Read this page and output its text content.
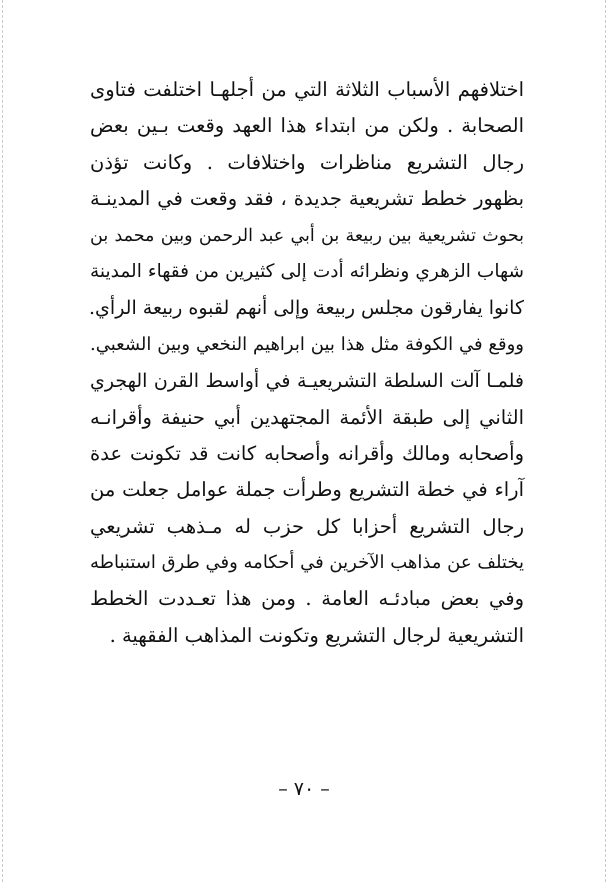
اختلافهم الأسباب الثلاثة التي من أجلهـا اختلفت فتاوى
الصحابة . ولكن من ابتداء هذا العهد وقعت بـين بعض
رجال التشريع مناظرات واختلافات . وكانت تؤذن
بظهور خطط تشريعية جديدة ، فقد وقعت في المدينـة
بحوث تشريعية بين ربيعة بن أبي عبد الرحمن وبين محمد بن
شهاب الزهري ونظرائه أدت إلى كثيرين من فقهاء المدينة
كانوا يفارقون مجلس ربيعة وإلى أنهم لقبوه ربيعة الرأي.
ووقع في الكوفة مثل هذا بين ابراهيم النخعي وبين الشعبي.
فلمـا آلت السلطة التشريعيـة في أواسط القرن الهجري
الثاني إلى طبقة الأئمة المجتهدين أبي حنيفة وأقرانـه
وأصحابه ومالك وأقرانه وأصحابه كانت قد تكونت عدة
آراء في خطة التشريع وطرأت جملة عوامل جعلت من
رجال التشريع أحزابا كل حزب له مـذهب تشريعي
يختلف عن مذاهب الآخرين في أحكامه وفي طرق استنباطه
وفي بعض مبادئـه العامة . ومن هذا تعـددت الخطط
التشريعية لرجال التشريع وتكونت المذاهب الفقهية .
– ٧٠ –
